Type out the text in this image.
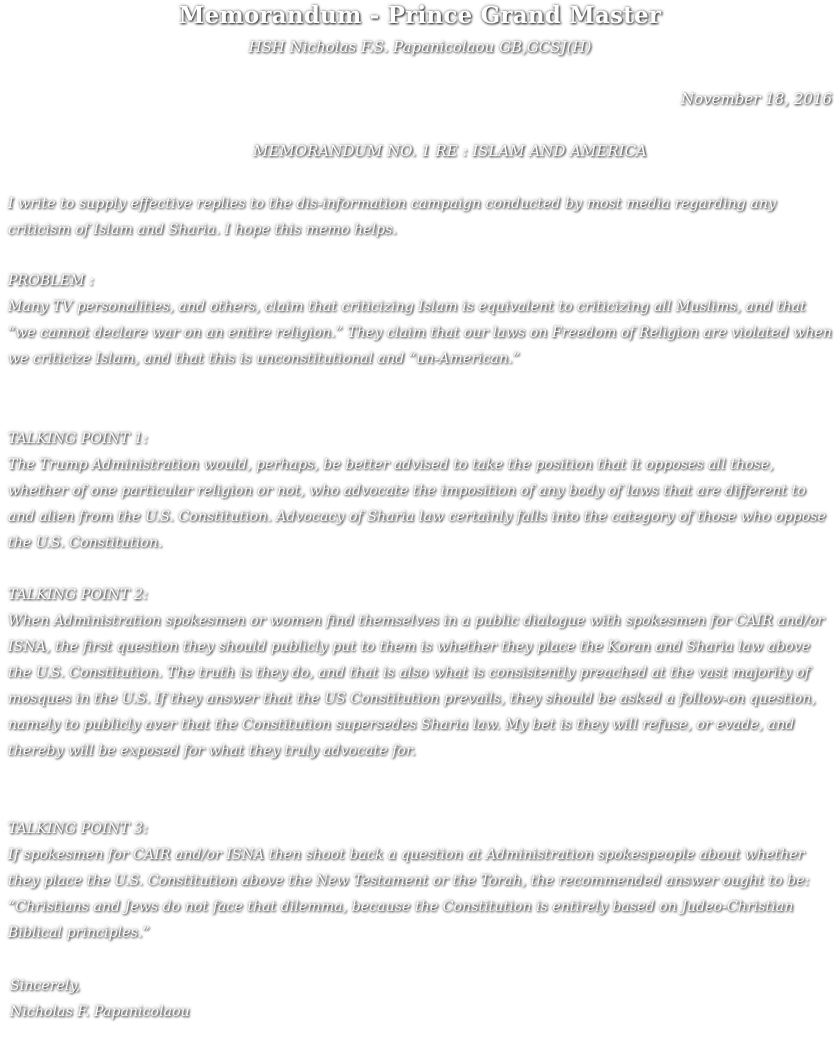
Memorandum - Prince Grand Master
HSH Nicholas F.S. Papanicolaou GB,GCSJ(H)
November 18, 2016
MEMORANDUM NO. 1 RE : ISLAM AND AMERICA
I write to supply effective replies to the dis-information campaign conducted by most media regarding any criticism of Islam and Sharia. I hope this memo helps.
PROBLEM :
Many TV personalities, and others, claim that criticizing Islam is equivalent to criticizing all Muslims, and that “we cannot declare war on an entire religion.” They claim that our laws on Freedom of Religion are violated when we criticize Islam, and that this is unconstitutional and “un-American.”
TALKING POINT 1:
The Trump Administration would, perhaps, be better advised to take the position that it opposes all those, whether of one particular religion or not, who advocate the imposition of any body of laws that are different to and alien from the U.S. Constitution. Advocacy of Sharia law certainly falls into the category of those who oppose the U.S. Constitution.
TALKING POINT 2:
When Administration spokesmen or women find themselves in a public dialogue with spokesmen for CAIR and/or ISNA, the first question they should publicly put to them is whether they place the Koran and Sharia law above the U.S. Constitution. The truth is they do, and that is also what is consistently preached at the vast majority of mosques in the U.S. If they answer that the US Constitution prevails, they should be asked a follow-on question, namely to publicly aver that the Constitution supersedes Sharia law. My bet is they will refuse, or evade, and thereby will be exposed for what they truly advocate for.
TALKING POINT 3:
If spokesmen for CAIR and/or ISNA then shoot back a question at Administration spokespeople about whether they place the U.S. Constitution above the New Testament or the Torah, the recommended answer ought to be: “Christians and Jews do not face that dilemma, because the Constitution is entirely based on Judeo-Christian Biblical principles.”
Sincerely,
Nicholas F. Papanicolaou
